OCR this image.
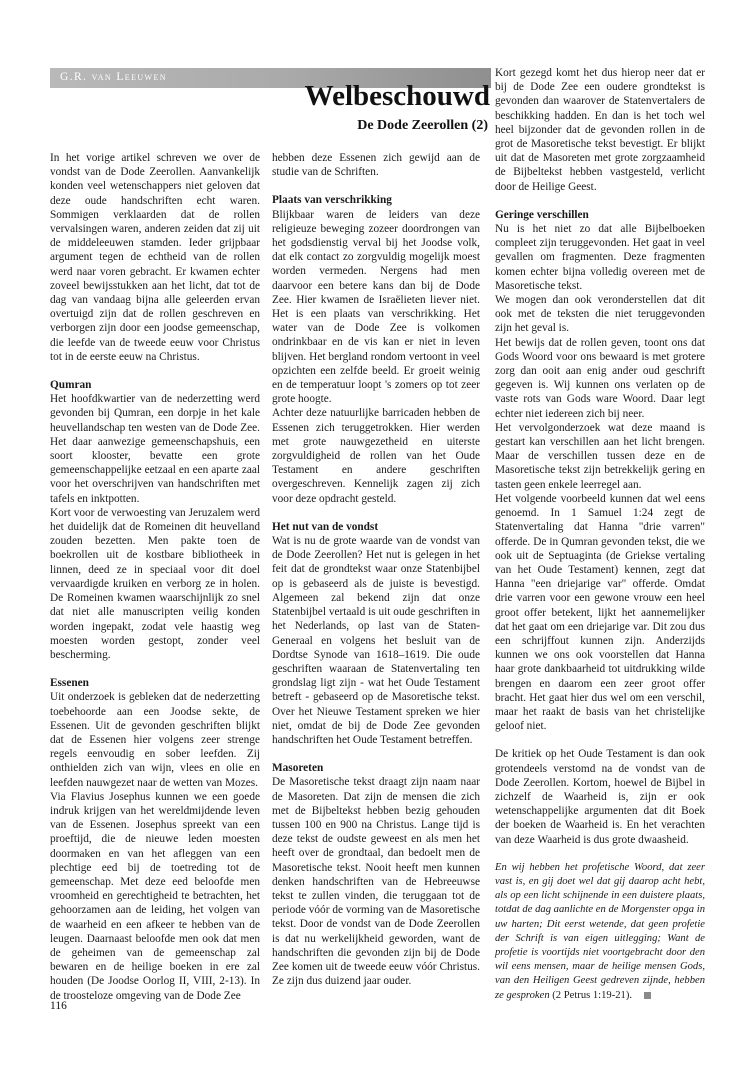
G.R. van Leeuwen
Welbeschouwd
De Dode Zeerollen (2)

In het vorige artikel schreven we over de vondst van de Dode Zeerollen. Aanvankelijk konden veel wetenschappers niet geloven dat deze oude handschriften echt waren. Sommigen verklaarden dat de rollen vervalsingen waren, anderen zeiden dat zij uit de middeleeuwen stamden. Ieder grijpbaar argument tegen de echtheid van de rollen werd naar voren gebracht. Er kwamen echter zoveel bewijsstukken aan het licht, dat tot de dag van vandaag bijna alle geleerden ervan overtuigd zijn dat de rollen geschreven en verborgen zijn door een joodse gemeenschap, die leefde van de tweede eeuw voor Christus tot in de eerste eeuw na Christus.

Qumran

Het hoofdkwartier van de nederzetting werd gevonden bij Qumran, een dorpje in het kale heuvellandschap ten westen van de Dode Zee. Het daar aanwezige gemeenschapshuis, een soort klooster, bevatte een grote gemeenschappelijke eetzaal en een aparte zaal voor het overschrijven van handschriften met tafels en inktpotten.

Kort voor de verwoesting van Jeruzalem werd het duidelijk dat de Romeinen dit heuvelland zouden bezetten. Men pakte toen de boekrollen uit de kostbare bibliotheek in linnen, deed ze in speciaal voor dit doel vervaardigde kruiken en verborg ze in holen. De Romeinen kwamen waarschijnlijk zo snel dat niet alle manuscripten veilig konden worden ingepakt, zodat vele haastig weg moesten worden gestopt, zonder veel bescherming.

Essenen

Uit onderzoek is gebleken dat de nederzetting toebehoorde aan een Joodse sekte, de Essenen. Uit de gevonden geschriften blijkt dat de Essenen hier volgens zeer strenge regels eenvoudig en sober leefden. Zij onthielden zich van wijn, vlees en olie en leefden nauwgezet naar de wetten van Mozes.

Via Flavius Josephus kunnen we een goede indruk krijgen van het wereldmijdende leven van de Essenen. Josephus spreekt van een proeftijd, die de nieuwe leden moesten doormaken en van het afleggen van een plechtige eed bij de toetreding tot de gemeenschap. Met deze eed beloofde men vroomheid en gerechtigheid te betrachten, het gehoorzamen aan de leiding, het volgen van de waarheid en een afkeer te hebben van de leugen. Daarnaast beloofde men ook dat men de geheimen van de gemeenschap zal bewaren en de heilige boeken in ere zal houden (De Joodse Oorlog II, VIII, 2-13). In de troosteloze omgeving van de Dode Zee

hebben deze Essenen zich gewijd aan de studie van de Schriften.

Plaats van verschrikking

Blijkbaar waren de leiders van deze religieuze beweging zozeer doordrongen van het godsdienstig verval bij het Joodse volk, dat elk contact zo zorgvuldig mogelijk moest worden vermeden. Nergens had men daarvoor een betere kans dan bij de Dode Zee. Hier kwamen de Israëlieten liever niet. Het is een plaats van verschrikking. Het water van de Dode Zee is volkomen ondrinkbaar en de vis kan er niet in leven blijven. Het bergland rondom vertoont in veel opzichten een zelfde beeld. Er groeit weinig en de temperatuur loopt 's zomers op tot zeer grote hoogte.

Achter deze natuurlijke barricaden hebben de Essenen zich teruggetrokken. Hier werden met grote nauwgezetheid en uiterste zorgvuldigheid de rollen van het Oude Testament en andere geschriften overgeschreven. Kennelijk zagen zij zich voor deze opdracht gesteld.

Het nut van de vondst

Wat is nu de grote waarde van de vondst van de Dode Zeerollen? Het nut is gelegen in het feit dat de grondtekst waar onze Statenbijbel op is gebaseerd als de juiste is bevestigd. Algemeen zal bekend zijn dat onze Statenbijbel vertaald is uit oude geschriften in het Nederlands, op last van de Staten-Generaal en volgens het besluit van de Dordtse Synode van 1618–1619. Die oude geschriften waaraan de Statenvertaling ten grondslag ligt zijn - wat het Oude Testament betreft - gebaseerd op de Masoretische tekst. Over het Nieuwe Testament spreken we hier niet, omdat de bij de Dode Zee gevonden handschriften het Oude Testament betreffen.

Masoreten

De Masoretische tekst draagt zijn naam naar de Masoreten. Dat zijn de mensen die zich met de Bijbeltekst hebben bezig gehouden tussen 100 en 900 na Christus. Lange tijd is deze tekst de oudste geweest en als men het heeft over de grondtaal, dan bedoelt men de Masoretische tekst. Nooit heeft men kunnen denken handschriften van de Hebreeuwse tekst te zullen vinden, die teruggaan tot de periode vóór de vorming van de Masoretische tekst. Door de vondst van de Dode Zeerollen is dat nu werkelijkheid geworden, want de handschriften die gevonden zijn bij de Dode Zee komen uit de tweede eeuw vóór Christus. Ze zijn dus duizend jaar ouder.

Kort gezegd komt het dus hierop neer dat er bij de Dode Zee een oudere grondtekst is gevonden dan waarover de Statenvertalers de beschikking hadden. En dan is het toch wel heel bijzonder dat de gevonden rollen in de grot de Masoretische tekst bevestigt. Er blijkt uit dat de Masoreten met grote zorgzaamheid de Bijbeltekst hebben vastgesteld, verlicht door de Heilige Geest.

Geringe verschillen

Nu is het niet zo dat alle Bijbelboeken compleet zijn teruggevonden. Het gaat in veel gevallen om fragmenten. Deze fragmenten komen echter bijna volledig overeen met de Masoretische tekst.

We mogen dan ook veronderstellen dat dit ook met de teksten die niet teruggevonden zijn het geval is.

Het bewijs dat de rollen geven, toont ons dat Gods Woord voor ons bewaard is met grotere zorg dan ooit aan enig ander oud geschrift gegeven is. Wij kunnen ons verlaten op de vaste rots van Gods ware Woord. Daar legt echter niet iedereen zich bij neer.

Het vervolgonderzoek wat deze maand is gestart kan verschillen aan het licht brengen. Maar de verschillen tussen deze en de Masoretische tekst zijn betrekkelijk gering en tasten geen enkele leerregel aan.

Het volgende voorbeeld kunnen dat wel eens genoemd. In 1 Samuel 1:24 zegt de Statenvertaling dat Hanna "drie varren" offerde. De in Qumran gevonden tekst, die we ook uit de Septuaginta (de Griekse vertaling van het Oude Testament) kennen, zegt dat Hanna "een driejarige var" offerde. Omdat drie varren voor een gewone vrouw een heel groot offer betekent, lijkt het aannemelijker dat het gaat om een driejarige var. Dit zou dus een schrijffout kunnen zijn. Anderzijds kunnen we ons ook voorstellen dat Hanna haar grote dankbaarheid tot uitdrukking wilde brengen en daarom een zeer groot offer bracht. Het gaat hier dus wel om een verschil, maar het raakt de basis van het christelijke geloof niet.

De kritiek op het Oude Testament is dan ook grotendeels verstomd na de vondst van de Dode Zeerollen. Kortom, hoewel de Bijbel in zichzelf de Waarheid is, zijn er ook wetenschappelijke argumenten dat dit Boek der boeken de Waarheid is. En het verachten van deze Waarheid is dus grote dwaasheid.

En wij hebben het profetische Woord, dat zeer vast is, en gij doet wel dat gij daarop acht hebt, als op een licht schijnende in een duistere plaats, totdat de dag aanlichte en de Morgenster opga in uw harten; Dit eerst wetende, dat geen profetie der Schrift is van eigen uitlegging; Want de profetie is voortijds niet voortgebracht door den wil eens mensen, maar de heilige mensen Gods, van den Heiligen Geest gedreven zijnde, hebben ze gesproken (2 Petrus 1:19-21).

116
